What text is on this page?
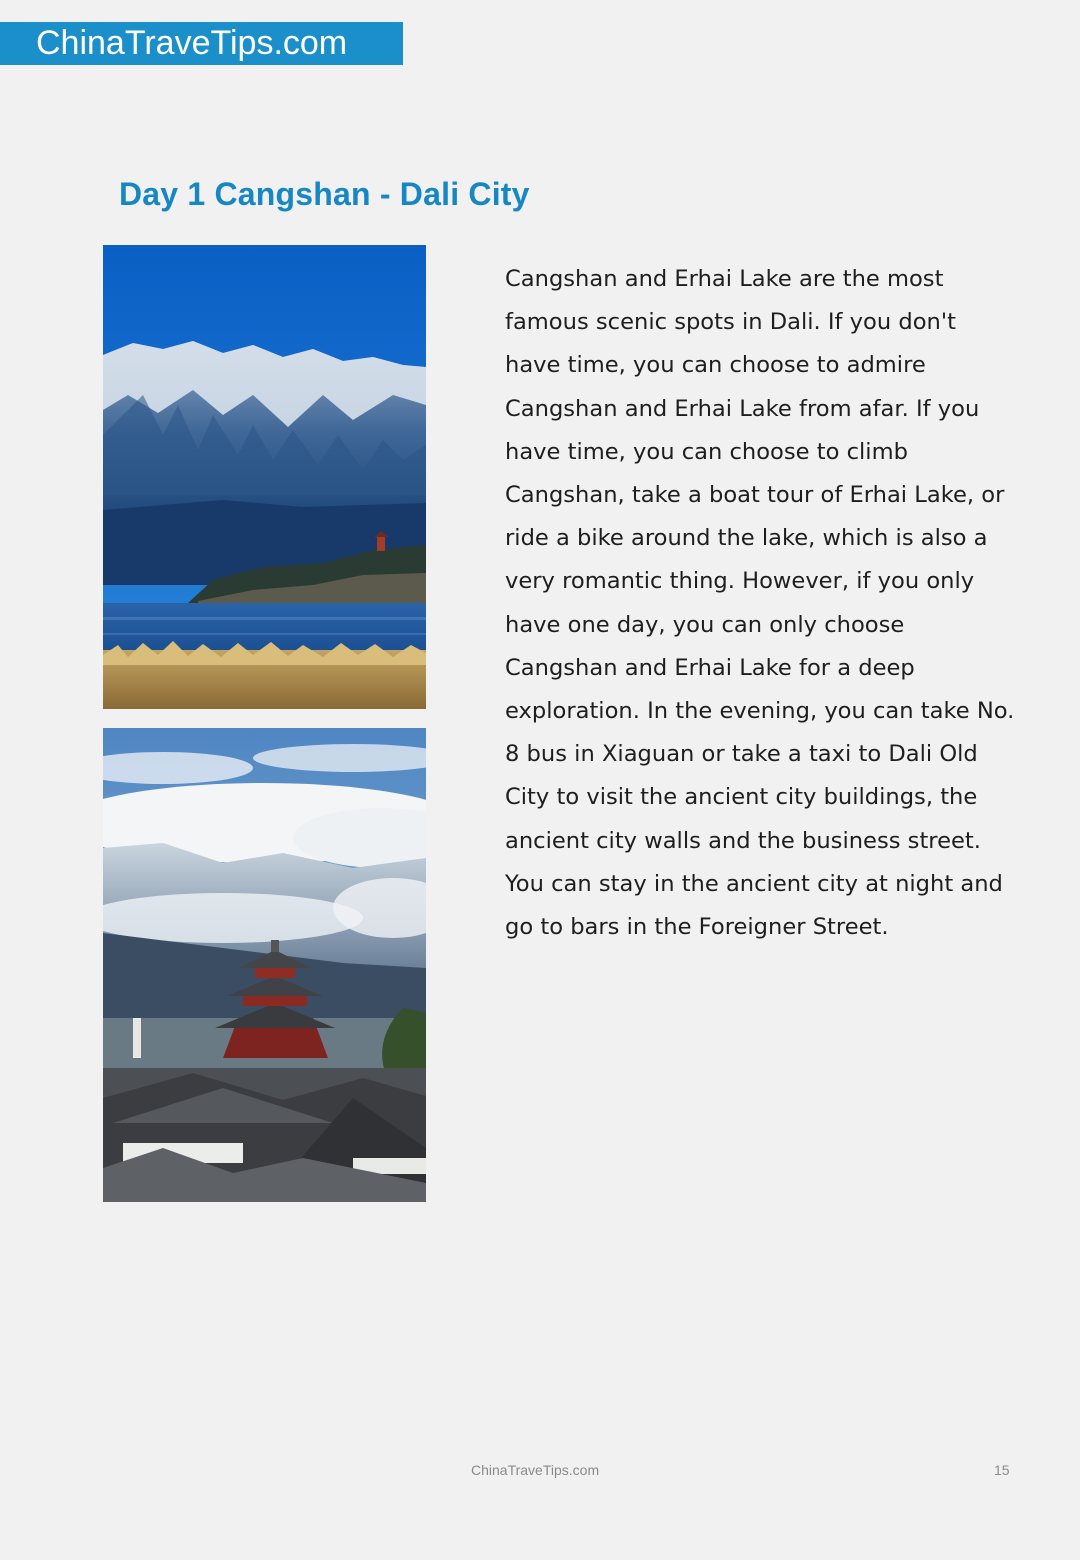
ChinaTraveTips.com
Day 1 Cangshan - Dali City

Cangshan and Erhai Lake are the most
famous scenic spots in Dali. If you don't
have time, you can choose to admire
Cangshan and Erhai Lake from afar. If you
have time, you can choose to climb
Cangshan, take a boat tour of Erhai Lake, or
ride a bike around the lake, which is also a
very romantic thing. However, if you only
have one day, you can only choose
Cangshan and Erhai Lake for a deep
exploration. In the evening, you can take No.
8 bus in Xiaguan or take a taxi to Dali Old
City to visit the ancient city buildings, the
ancient city walls and the business street.
You can stay in the ancient city at night and
go to bars in the Foreigner Street.

ChinaTraveTips.com	15
